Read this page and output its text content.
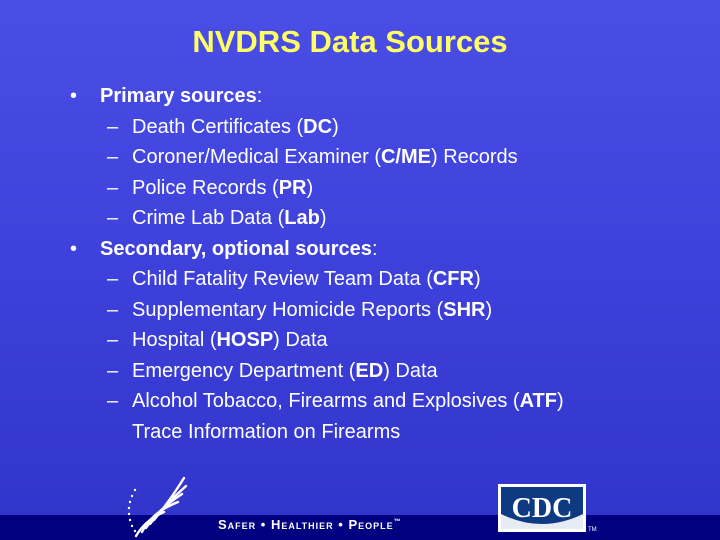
NVDRS Data Sources
•	Primary sources:
– Death Certificates (DC)
– Coroner/Medical Examiner (C/ME) Records
– Police Records (PR)
– Crime Lab Data (Lab)
•	Secondary, optional sources:
– Child Fatality Review Team Data (CFR)
– Supplementary Homicide Reports (SHR)
– Hospital (HOSP) Data
– Emergency Department (ED) Data
– Alcohol Tobacco, Firearms and Explosives (ATF)
Trace Information on Firearms
Safer • Healthier • People™	CDC
TM
